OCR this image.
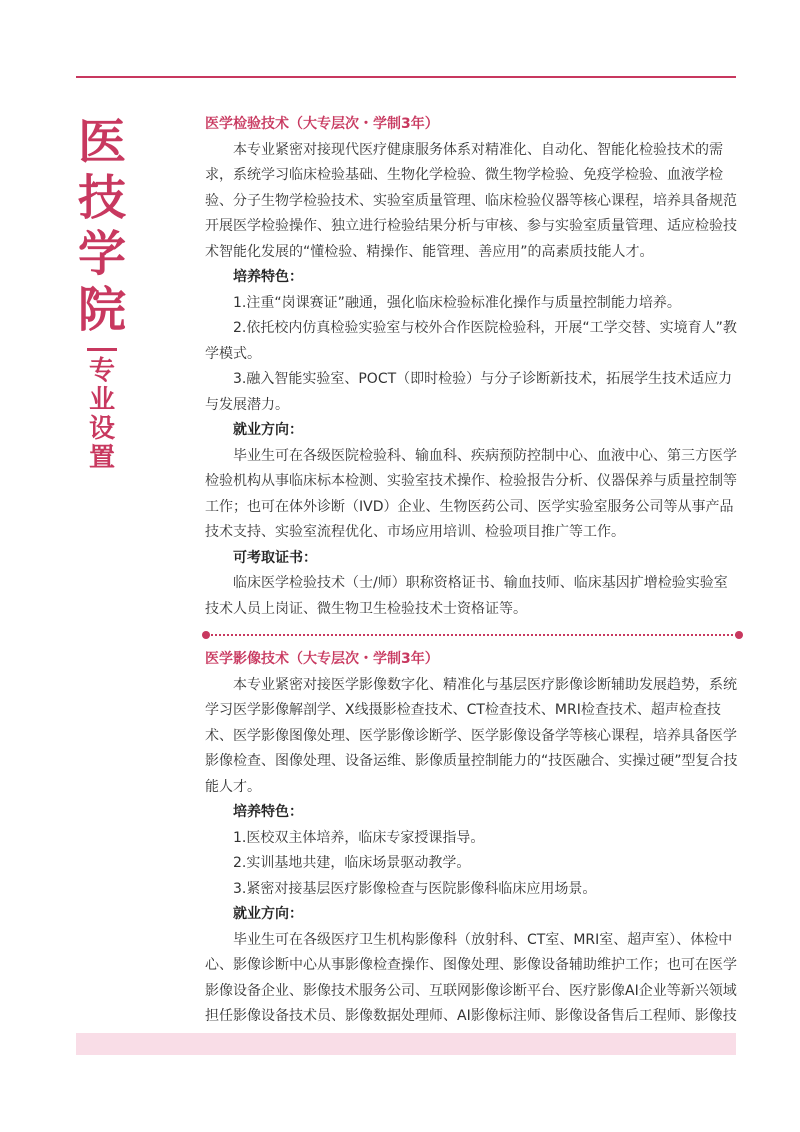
医
技
学
院
专
业
设
置

医学检验技术（大专层次・学制3年）

本专业紧密对接现代医疗健康服务体系对精准化、自动化、智能化检验技术的需求，系统学习临床检验基础、生物化学检验、微生物学检验、免疫学检验、血液学检验、分子生物学检验技术、实验室质量管理、临床检验仪器等核心课程，培养具备规范开展医学检验操作、独立进行检验结果分析与审核、参与实验室质量管理、适应检验技术智能化发展的“懂检验、精操作、能管理、善应用”的高素质技能人才。

培养特色：

1.注重“岗课赛证”融通，强化临床检验标准化操作与质量控制能力培养。

2.依托校内仿真检验实验室与校外合作医院检验科，开展“工学交替、实境育人”教学模式。

3.融入智能实验室、POCT（即时检验）与分子诊断新技术，拓展学生技术适应力与发展潜力。

就业方向：

毕业生可在各级医院检验科、输血科、疾病预防控制中心、血液中心、第三方医学检验机构从事临床标本检测、实验室技术操作、检验报告分析、仪器保养与质量控制等工作；也可在体外诊断（IVD）企业、生物医药公司、医学实验室服务公司等从事产品技术支持、实验室流程优化、市场应用培训、检验项目推广等工作。

可考取证书：

临床医学检验技术（士/师）职称资格证书、输血技师、临床基因扩增检验实验室技术人员上岗证、微生物卫生检验技术士资格证等。

医学影像技术（大专层次・学制3年）

本专业紧密对接医学影像数字化、精准化与基层医疗影像诊断辅助发展趋势，系统学习医学影像解剖学、X线摄影检查技术、CT检查技术、MRI检查技术、超声检查技术、医学影像图像处理、医学影像诊断学、医学影像设备学等核心课程，培养具备医学影像检查、图像处理、设备运维、影像质量控制能力的“技医融合、实操过硬”型复合技能人才。

培养特色：

1.医校双主体培养，临床专家授课指导。

2.实训基地共建，临床场景驱动教学。

3.紧密对接基层医疗影像检查与医院影像科临床应用场景。

就业方向：

毕业生可在各级医疗卫生机构影像科（放射科、CT室、MRI室、超声室）、体检中心、影像诊断中心从事影像检查操作、图像处理、影像设备辅助维护工作；也可在医学影像设备企业、影像技术服务公司、互联网影像诊断平台、医疗影像AI企业等新兴领域担任影像设备技术员、影像数据处理师、AI影像标注师、影像设备售后工程师、影像技
